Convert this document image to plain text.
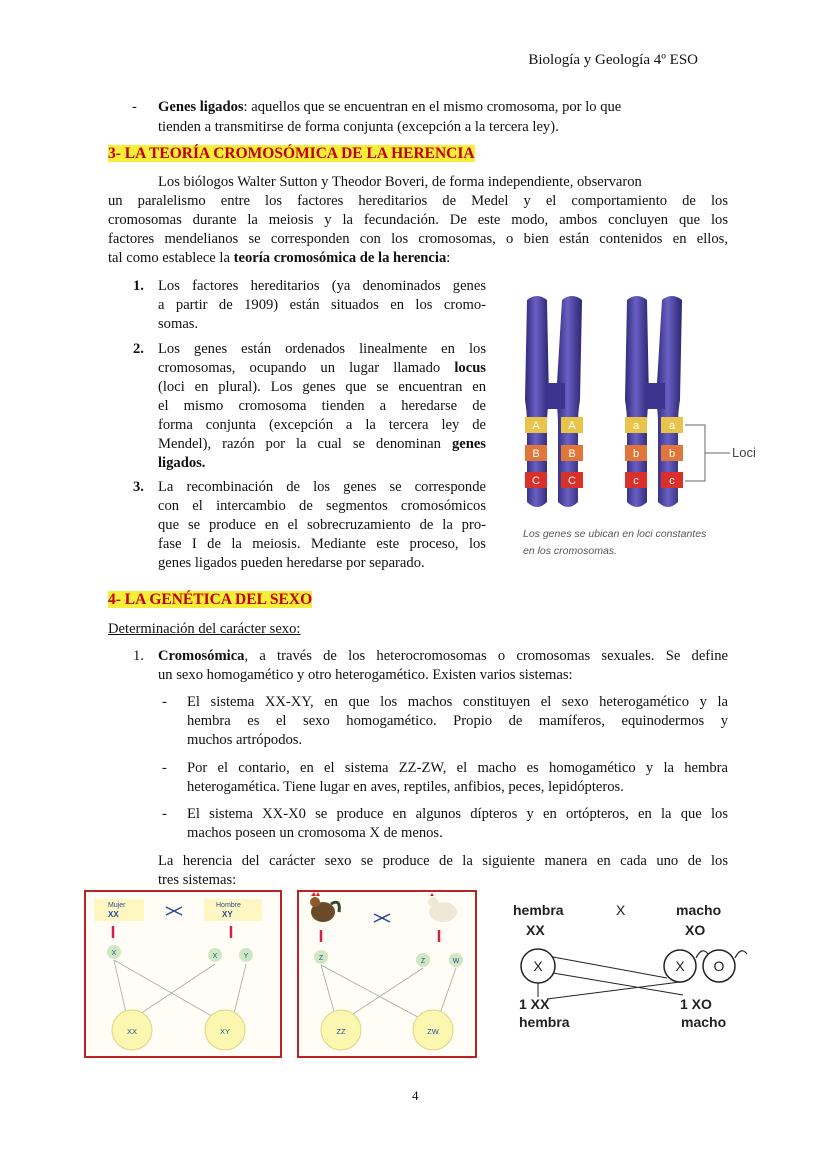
Biología y Geología 4º ESO
- Genes ligados: aquellos que se encuentran en el mismo cromosoma, por lo que
tienden a transmitirse de forma conjunta (excepción a la tercera ley).
3- LA TEORÍA CROMOSÓMICA DE LA HERENCIA
Los biólogos Walter Sutton y Theodor Boveri, de forma independiente, observaron
un paralelismo entre los factores hereditarios de Medel y el comportamiento de los
cromosomas durante la meiosis y la fecundación. De este modo, ambos concluyen que los
factores mendelianos se corresponden con los cromosomas, o bien están contenidos en ellos,
tal como establece la teoría cromosómica de la herencia:
1. Los factores hereditarios (ya denominados genes
a partir de 1909) están situados en los cromo-
somas.
2. Los genes están ordenados linealmente en los
cromosomas, ocupando un lugar llamado locus
(loci en plural). Los genes que se encuentran en
el mismo cromosoma tienden a heredarse de
forma conjunta (excepción a la tercera ley de
Mendel), razón por la cual se denominan genes
ligados.
3. La recombinación de los genes se corresponde
con el intercambio de segmentos cromosómicos
que se produce en el sobrecruzamiento de la pro-
fase I de la meiosis. Mediante este proceso, los
genes ligados pueden heredarse por separado.
A	A
B	B
C	C
a	a
b	b
c	c
Loci
Los genes se ubican en loci constantes
en los cromosomas.
4- LA GENÉTICA DEL SEXO
Determinación del carácter sexo:
1. Cromosómica, a través de los heterocromosomas o cromosomas sexuales. Se define
un sexo homogamético y otro heterogamético. Existen varios sistemas:
- El sistema XX-XY, en que los machos constituyen el sexo heterogamético y la
hembra es el sexo homogamético. Propio de mamíferos, equinodermos y
muchos artrópodos.
- Por el contario, en el sistema ZZ-ZW, el macho es homogamético y la hembra
heterogamética. Tiene lugar en aves, reptiles, anfibios, peces, lepidópteros.
- El sistema XX-X0 se produce en algunos dípteros y en ortópteros, en la que los
machos poseen un cromosoma X de menos.
La herencia del carácter sexo se produce de la siguiente manera en cada uno de los
tres sistemas:
Mujer
XX
Hombre
XY
X	X	Y
XX	XY
Z	Z	W
ZZ	ZW
hembra	X	macho
XX	XO
X	X O
1 XX	1 XO
hembra	macho
4
